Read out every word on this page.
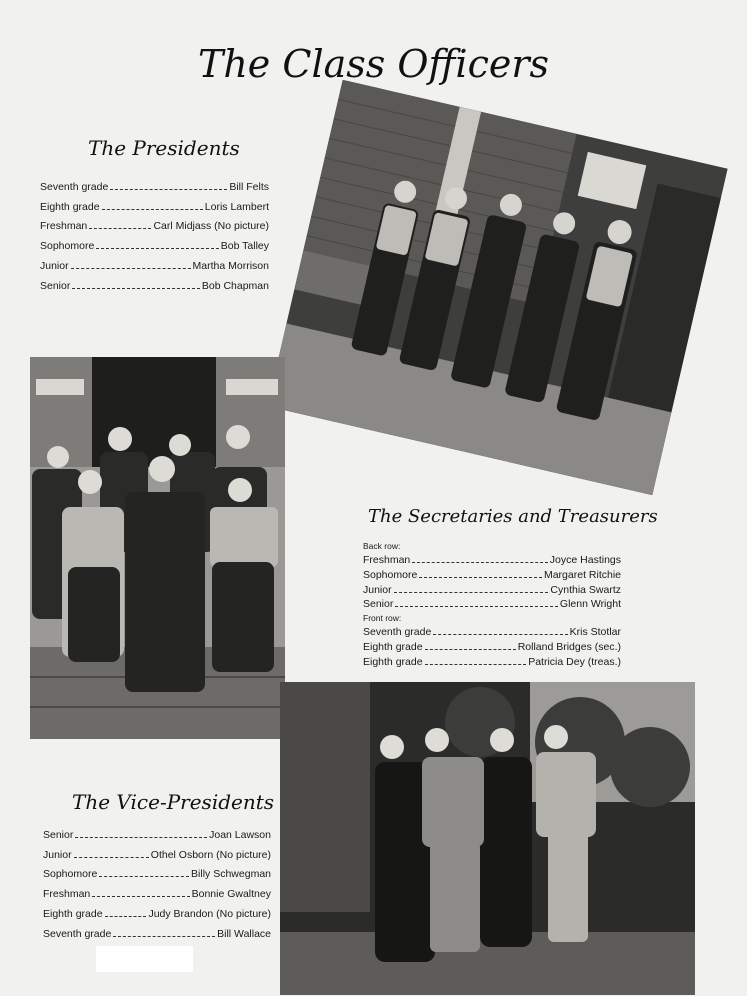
The Class Officers
The Presidents
Seventh grade	Bill Felts
Eighth grade	Loris Lambert
Freshman	Carl Midjass (No picture)
Sophomore	Bob Talley
Junior	Martha Morrison
Senior	Bob Chapman
The Secretaries and Treasurers
Back row:
Freshman	Joyce Hastings
Sophomore	Margaret Ritchie
Junior	Cynthia Swartz
Senior	Glenn Wright
Front row:
Seventh grade	Kris Stotlar
Eighth grade	Rolland Bridges (sec.)
Eighth grade	Patricia Dey (treas.)
The Vice-Presidents
Senior	Joan Lawson
Junior	Othel Osborn (No picture)
Sophomore	Billy Schwegman
Freshman	Bonnie Gwaltney
Eighth grade	Judy Brandon (No picture)
Seventh grade	Bill Wallace
